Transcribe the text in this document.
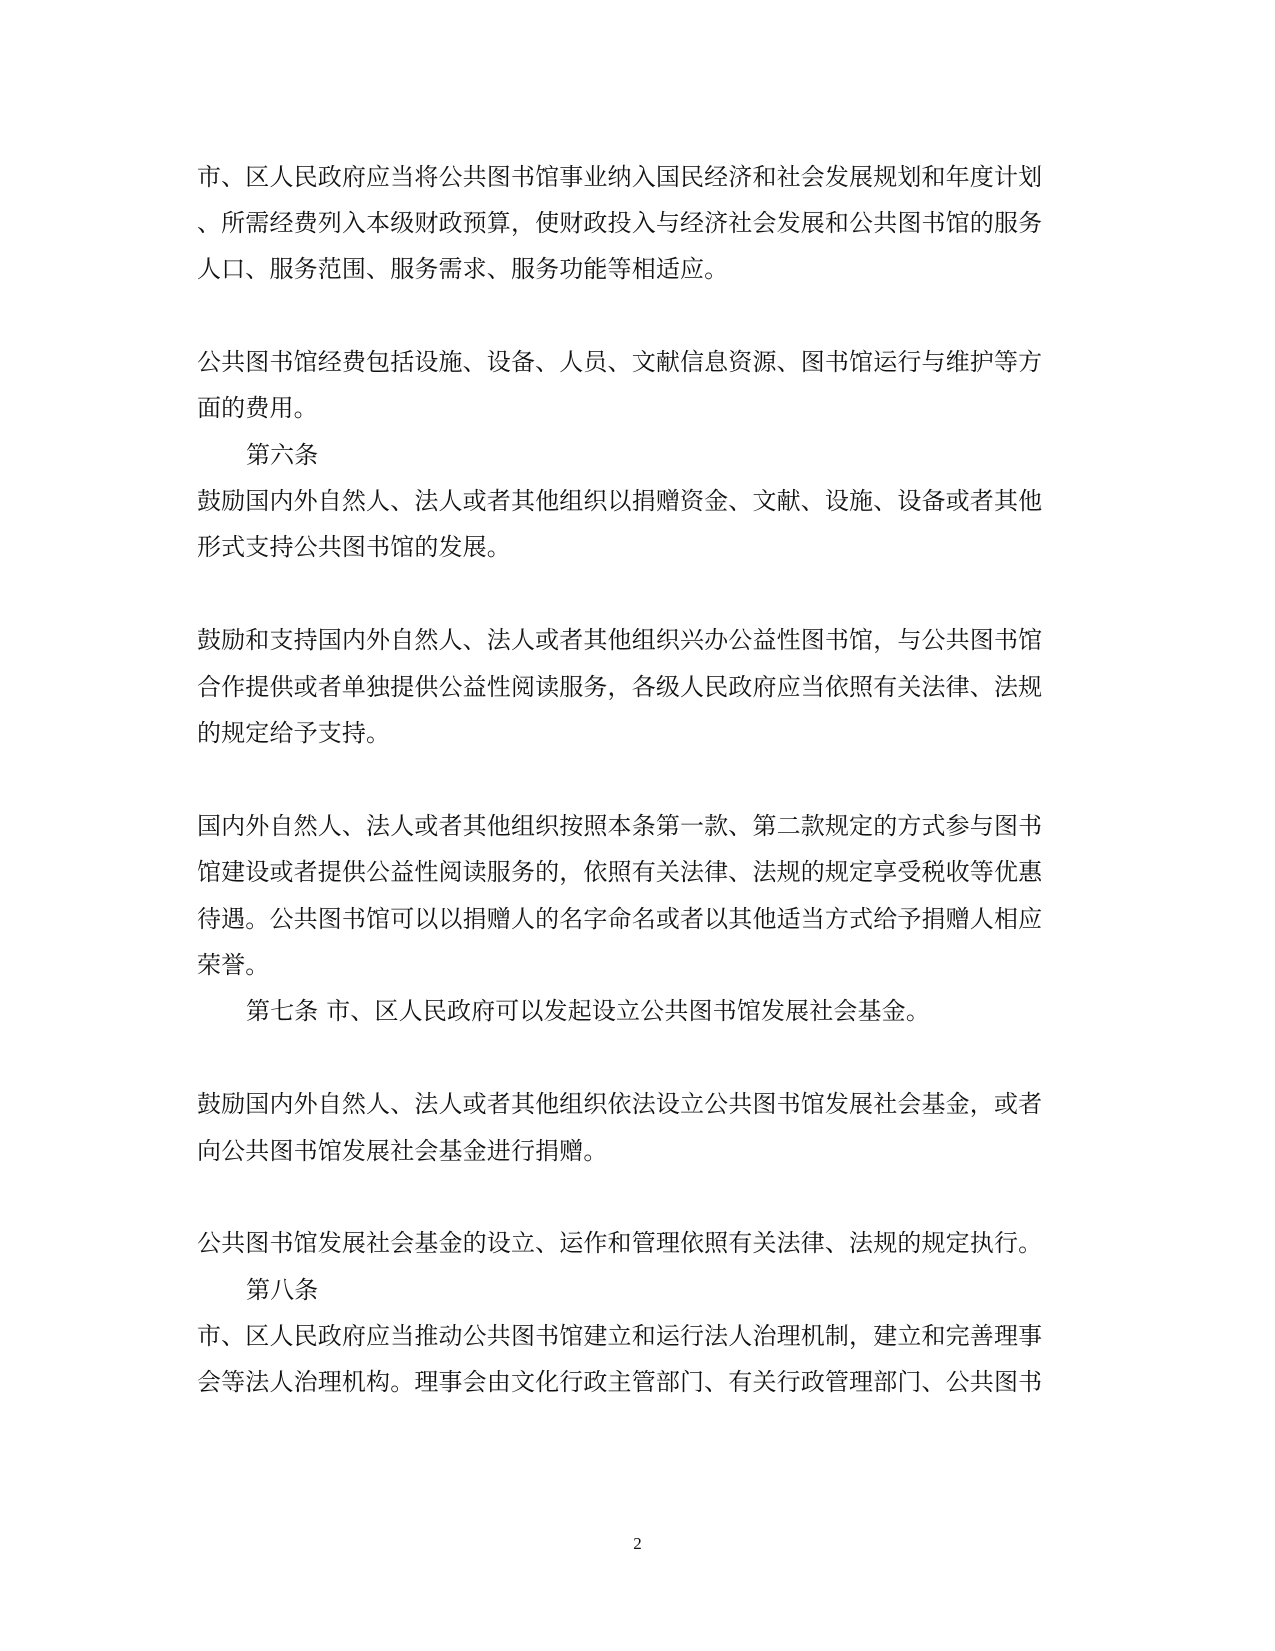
市、区人民政府应当将公共图书馆事业纳入国民经济和社会发展规划和年度计划
、所需经费列入本级财政预算，使财政投入与经济社会发展和公共图书馆的服务
人口、服务范围、服务需求、服务功能等相适应。
公共图书馆经费包括设施、设备、人员、文献信息资源、图书馆运行与维护等方
面的费用。
第六条
鼓励国内外自然人、法人或者其他组织以捐赠资金、文献、设施、设备或者其他
形式支持公共图书馆的发展。
鼓励和支持国内外自然人、法人或者其他组织兴办公益性图书馆，与公共图书馆
合作提供或者单独提供公益性阅读服务，各级人民政府应当依照有关法律、法规
的规定给予支持。
国内外自然人、法人或者其他组织按照本条第一款、第二款规定的方式参与图书
馆建设或者提供公益性阅读服务的，依照有关法律、法规的规定享受税收等优惠
待遇。公共图书馆可以以捐赠人的名字命名或者以其他适当方式给予捐赠人相应
荣誉。
第七条 市、区人民政府可以发起设立公共图书馆发展社会基金。
鼓励国内外自然人、法人或者其他组织依法设立公共图书馆发展社会基金，或者
向公共图书馆发展社会基金进行捐赠。
公共图书馆发展社会基金的设立、运作和管理依照有关法律、法规的规定执行。
第八条
市、区人民政府应当推动公共图书馆建立和运行法人治理机制，建立和完善理事
会等法人治理机构。理事会由文化行政主管部门、有关行政管理部门、公共图书
2
